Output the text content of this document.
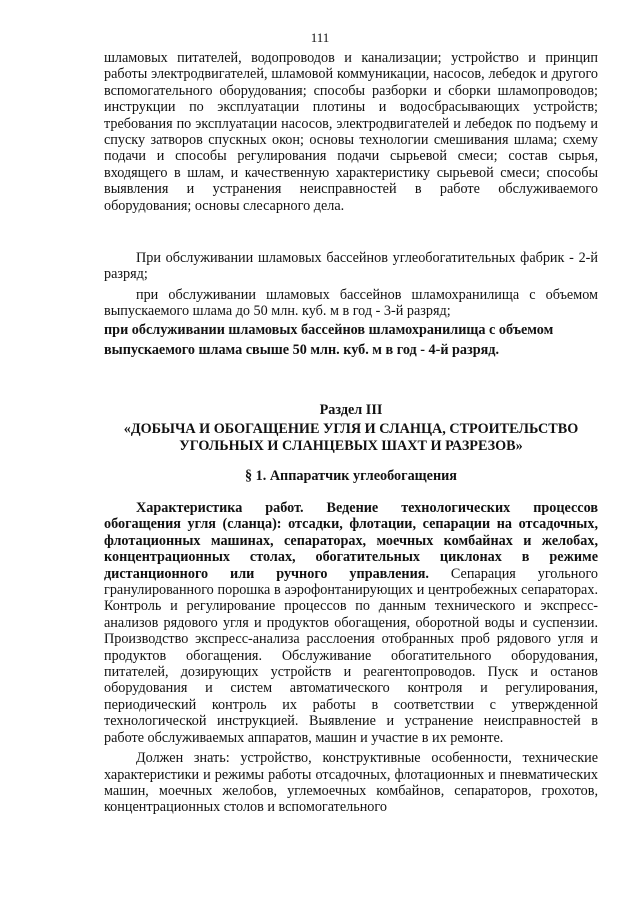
111

шламовых питателей, водопроводов и канализации; устройство и принцип работы электродвигателей, шламовой коммуникации, насосов, лебедок и другого вспомогательного оборудования; способы разборки и сборки шламопроводов; инструкции по эксплуатации плотины и водосбрасывающих устройств; требования по эксплуатации насосов, электродвигателей и лебедок по подъему и спуску затворов спускных окон; основы технологии смешивания шлама; схему подачи и способы регулирования подачи сырьевой смеси; состав сырья, входящего в шлам, и качественную характеристику сырьевой смеси; способы выявления и устранения неисправностей в работе обслуживаемого оборудования; основы слесарного дела.

При обслуживании шламовых бассейнов углеобогатительных фабрик - 2-й разряд;

при обслуживании шламовых бассейнов шламохранилища с объемом выпускаемого шлама до 50 млн. куб. м в год - 3-й разряд;

при обслуживании шламовых бассейнов шламохранилища с объемом

выпускаемого шлама свыше 50 млн. куб. м в год - 4-й разряд.

Раздел III
«ДОБЫЧА И ОБОГАЩЕНИЕ УГЛЯ И СЛАНЦА, СТРОИТЕЛЬСТВО
УГОЛЬНЫХ И СЛАНЦЕВЫХ ШАХТ И РАЗРЕЗОВ»
§ 1. Аппаратчик углеобогащения

Характеристика работ. Ведение технологических процессов обогащения угля (сланца): отсадки, флотации, сепарации на отсадочных, флотационных машинах, сепараторах, моечных комбайнах и желобах, концентрационных столах, обогатительных циклонах в режиме дистанционного или ручного управления. Сепарация угольного гранулированного порошка в аэрофонтанирующих и центробежных сепараторах. Контроль и регулирование процессов по данным технического и экспресс-анализов рядового угля и продуктов обогащения, оборотной воды и суспензии. Производство экспресс-анализа расслоения отобранных проб рядового угля и продуктов обогащения. Обслуживание обогатительного оборудования, питателей, дозирующих устройств и реагентопроводов. Пуск и останов оборудования и систем автоматического контроля и регулирования, периодический контроль их работы в соответствии с утвержденной технологической инструкцией. Выявление и устранение неисправностей в работе обслуживаемых аппаратов, машин и участие в их ремонте.

Должен знать: устройство, конструктивные особенности, технические характеристики и режимы работы отсадочных, флотационных и пневматических машин, моечных желобов, углемоечных комбайнов, сепараторов, грохотов, концентрационных столов и вспомогательного
